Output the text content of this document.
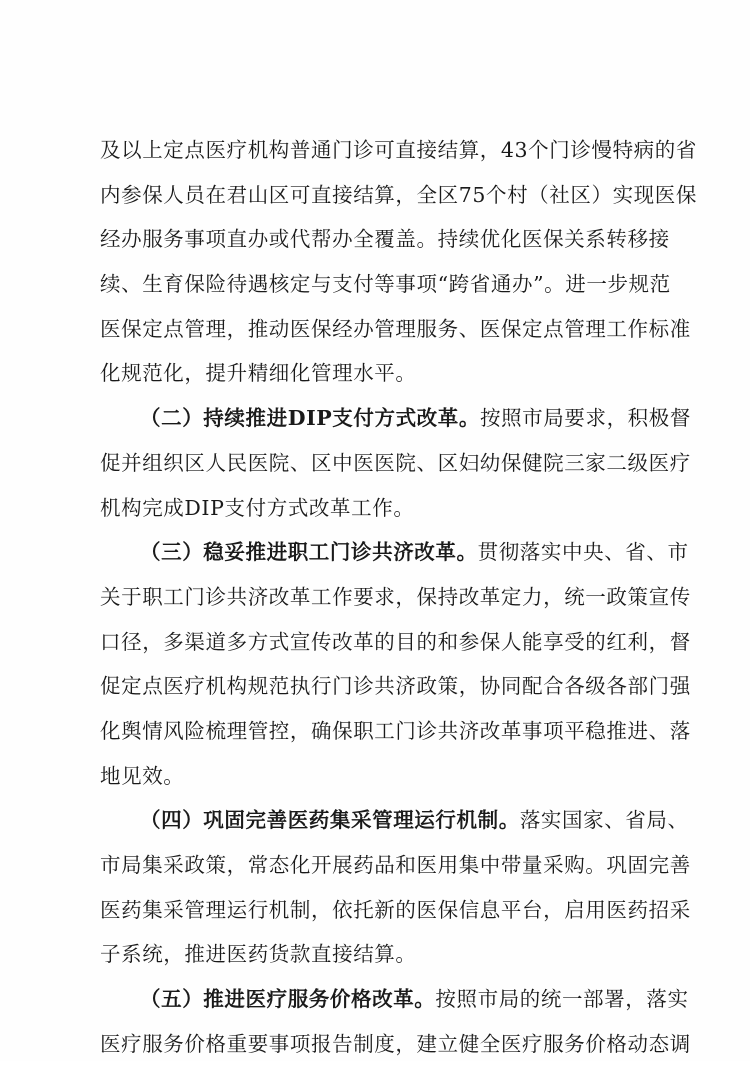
及以上定点医疗机构普通门诊可直接结算，43个门诊慢特病的省
内参保人员在君山区可直接结算，全区75个村（社区）实现医保
经办服务事项直办或代帮办全覆盖。持续优化医保关系转移接
续、生育保险待遇核定与支付等事项“跨省通办”。进一步规范
医保定点管理，推动医保经办管理服务、医保定点管理工作标准
化规范化，提升精细化管理水平。
（二）持续推进DIP支付方式改革。按照市局要求，积极督
促并组织区人民医院、区中医医院、区妇幼保健院三家二级医疗
机构完成DIP支付方式改革工作。
（三）稳妥推进职工门诊共济改革。贯彻落实中央、省、市
关于职工门诊共济改革工作要求，保持改革定力，统一政策宣传
口径，多渠道多方式宣传改革的目的和参保人能享受的红利，督
促定点医疗机构规范执行门诊共济政策，协同配合各级各部门强
化舆情风险梳理管控，确保职工门诊共济改革事项平稳推进、落
地见效。
（四）巩固完善医药集采管理运行机制。落实国家、省局、
市局集采政策，常态化开展药品和医用集中带量采购。巩固完善
医药集采管理运行机制，依托新的医保信息平台，启用医药招采
子系统，推进医药货款直接结算。
（五）推进医疗服务价格改革。按照市局的统一部署，落实
医疗服务价格重要事项报告制度，建立健全医疗服务价格动态调
